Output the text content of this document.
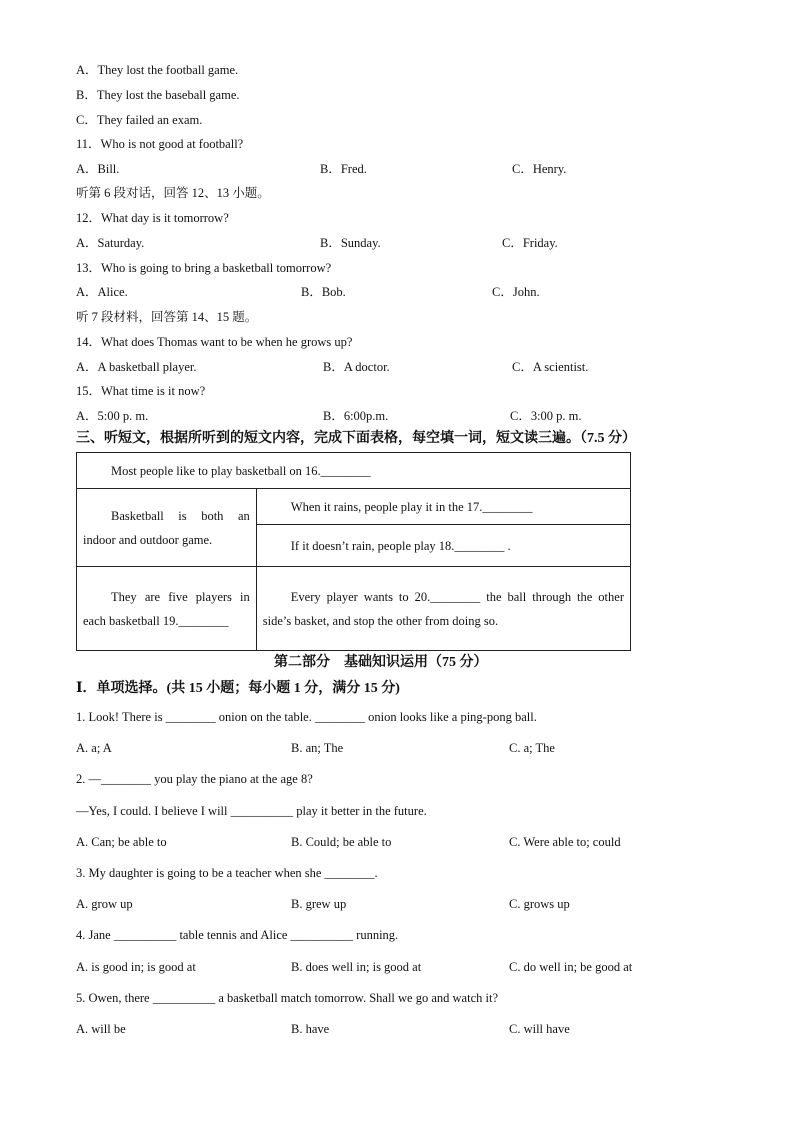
A．They lost the football game.
B．They lost the baseball game.
C．They failed an exam.
11．Who is not good at football?
A．Bill.	B．Fred.	C．Henry.
听第 6 段对话，回答 12、13 小题。
12．What day is it tomorrow?
A．Saturday.	B．Sunday.	C．Friday.
13．Who is going to bring a basketball tomorrow?
A．Alice.	B．Bob.	C．John.
听 7 段材料，回答第 14、15 题。
14．What does Thomas want to be when he grows up?
A．A basketball player.	B．A doctor.	C．A scientist.
15．What time is it now?
A．5:00 p. m.	B．6:00p.m.	C．3:00 p. m.
三、听短文，根据所听到的短文内容，完成下面表格，每空填一词，短文读三遍。（7.5 分）
Most people like to play basketball on 16.________	
Basketball is both an indoor and outdoor game.	When it rains, people play it in the 17.________
	If it doesn’t rain, people play 18.________ .
They are five players in each basketball 19.________	Every player wants to 20.________ the ball through the other side’s basket, and stop the other from doing so.
第二部分　基础知识运用（75 分）
Ⅰ．单项选择。(共 15 小题；每小题 1 分，满分 15 分)
1. Look! There is ________ onion on the table. ________ onion looks like a ping-pong ball.
A. a; A	B. an; The	C. a; The
2. —________ you play the piano at the age 8?
—Yes, I could. I believe I will __________ play it better in the future.
A. Can; be able to	B. Could; be able to	C. Were able to; could
3. My daughter is going to be a teacher when she ________.
A. grow up	B. grew up	C. grows up
4. Jane __________ table tennis and Alice __________ running.
A. is good in; is good at	B. does well in; is good at	C. do well in; be good at
5. Owen, there __________ a basketball match tomorrow. Shall we go and watch it?
A. will be	B. have	C. will have
